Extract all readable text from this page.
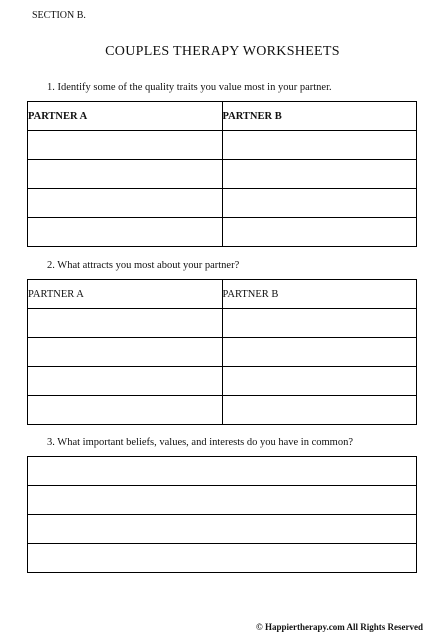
SECTION B.
COUPLES THERAPY WORKSHEETS
1. Identify some of the quality traits you value most in your partner.
PARTNER A	PARTNER B

2. What attracts you most about your partner?
PARTNER A	PARTNER B

3. What important beliefs, values, and interests do you have in common?

© Happiertherapy.com All Rights Reserved
